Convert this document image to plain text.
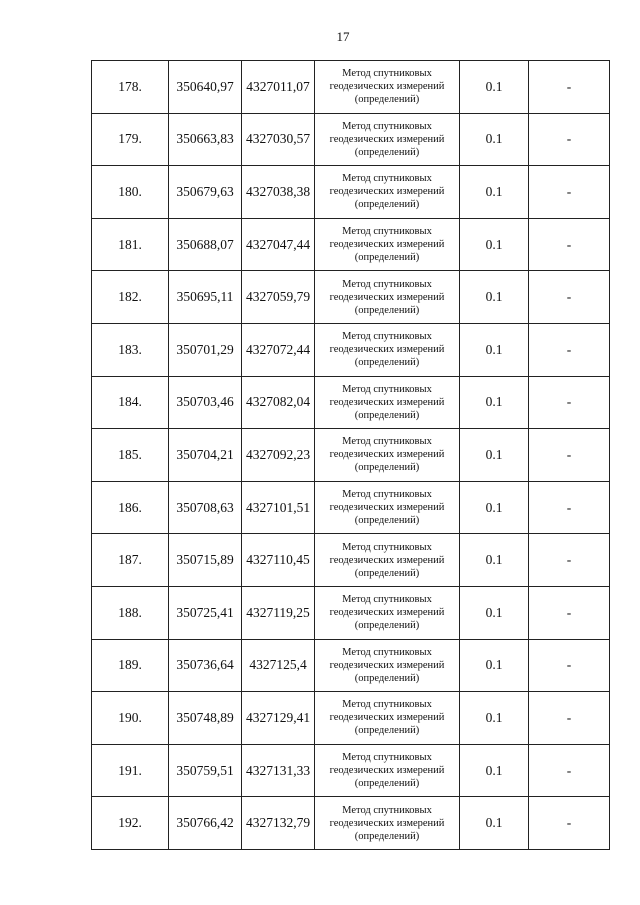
17
178.	350640,97	4327011,07	Метод спутниковых геодезических измерений (определений)	0.1	-
179.	350663,83	4327030,57	Метод спутниковых геодезических измерений (определений)	0.1	-
180.	350679,63	4327038,38	Метод спутниковых геодезических измерений (определений)	0.1	-
181.	350688,07	4327047,44	Метод спутниковых геодезических измерений (определений)	0.1	-
182.	350695,11	4327059,79	Метод спутниковых геодезических измерений (определений)	0.1	-
183.	350701,29	4327072,44	Метод спутниковых геодезических измерений (определений)	0.1	-
184.	350703,46	4327082,04	Метод спутниковых геодезических измерений (определений)	0.1	-
185.	350704,21	4327092,23	Метод спутниковых геодезических измерений (определений)	0.1	-
186.	350708,63	4327101,51	Метод спутниковых геодезических измерений (определений)	0.1	-
187.	350715,89	4327110,45	Метод спутниковых геодезических измерений (определений)	0.1	-
188.	350725,41	4327119,25	Метод спутниковых геодезических измерений (определений)	0.1	-
189.	350736,64	4327125,4	Метод спутниковых геодезических измерений (определений)	0.1	-
190.	350748,89	4327129,41	Метод спутниковых геодезических измерений (определений)	0.1	-
191.	350759,51	4327131,33	Метод спутниковых геодезических измерений (определений)	0.1	-
192.	350766,42	4327132,79	Метод спутниковых геодезических измерений (определений)	0.1	-
